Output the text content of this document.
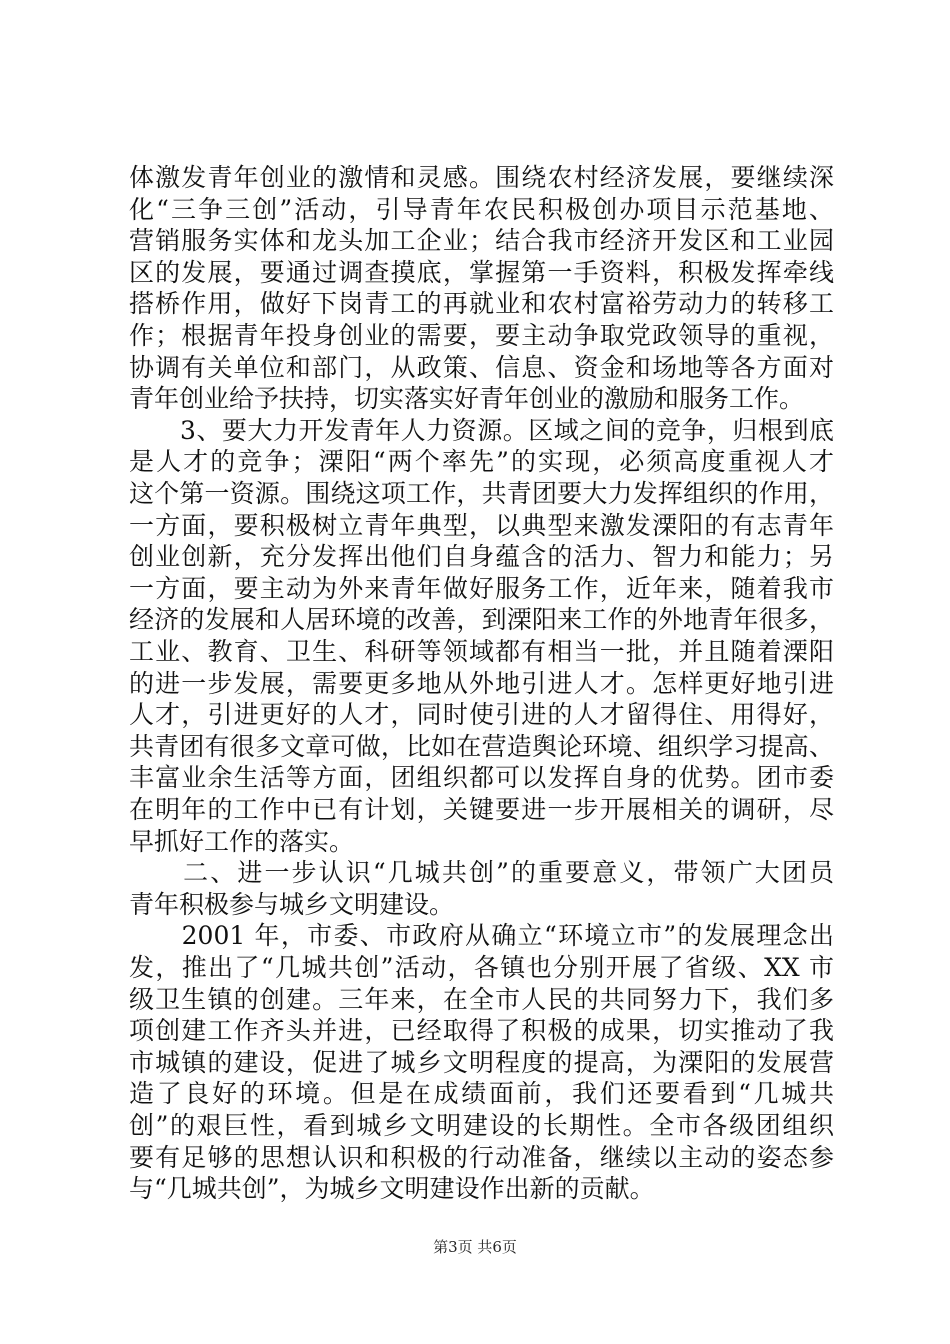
体激发青年创业的激情和灵感。围绕农村经济发展，要继续深
化“三争三创”活动，引导青年农民积极创办项目示范基地、
营销服务实体和龙头加工企业；结合我市经济开发区和工业园
区的发展，要通过调查摸底，掌握第一手资料，积极发挥牵线
搭桥作用，做好下岗青工的再就业和农村富裕劳动力的转移工
作；根据青年投身创业的需要，要主动争取党政领导的重视，
协调有关单位和部门，从政策、信息、资金和场地等各方面对
青年创业给予扶持，切实落实好青年创业的激励和服务工作。
　　3、要大力开发青年人力资源。区域之间的竞争，归根到底
是人才的竞争；溧阳“两个率先”的实现，必须高度重视人才
这个第一资源。围绕这项工作，共青团要大力发挥组织的作用，
一方面，要积极树立青年典型，以典型来激发溧阳的有志青年
创业创新，充分发挥出他们自身蕴含的活力、智力和能力；另
一方面，要主动为外来青年做好服务工作，近年来，随着我市
经济的发展和人居环境的改善，到溧阳来工作的外地青年很多，
工业、教育、卫生、科研等领域都有相当一批，并且随着溧阳
的进一步发展，需要更多地从外地引进人才。怎样更好地引进
人才，引进更好的人才，同时使引进的人才留得住、用得好，
共青团有很多文章可做，比如在营造舆论环境、组织学习提高、
丰富业余生活等方面，团组织都可以发挥自身的优势。团市委
在明年的工作中已有计划，关键要进一步开展相关的调研，尽
早抓好工作的落实。
　　二、进一步认识“几城共创”的重要意义，带领广大团员
青年积极参与城乡文明建设。
　　2001 年，市委、市政府从确立“环境立市”的发展理念出
发，推出了“几城共创”活动，各镇也分别开展了省级、XX 市
级卫生镇的创建。三年来，在全市人民的共同努力下，我们多
项创建工作齐头并进，已经取得了积极的成果，切实推动了我
市城镇的建设，促进了城乡文明程度的提高，为溧阳的发展营
造了良好的环境。但是在成绩面前，我们还要看到“几城共
创”的艰巨性，看到城乡文明建设的长期性。全市各级团组织
要有足够的思想认识和积极的行动准备，继续以主动的姿态参
与“几城共创”，为城乡文明建设作出新的贡献。
第3页 共6页
